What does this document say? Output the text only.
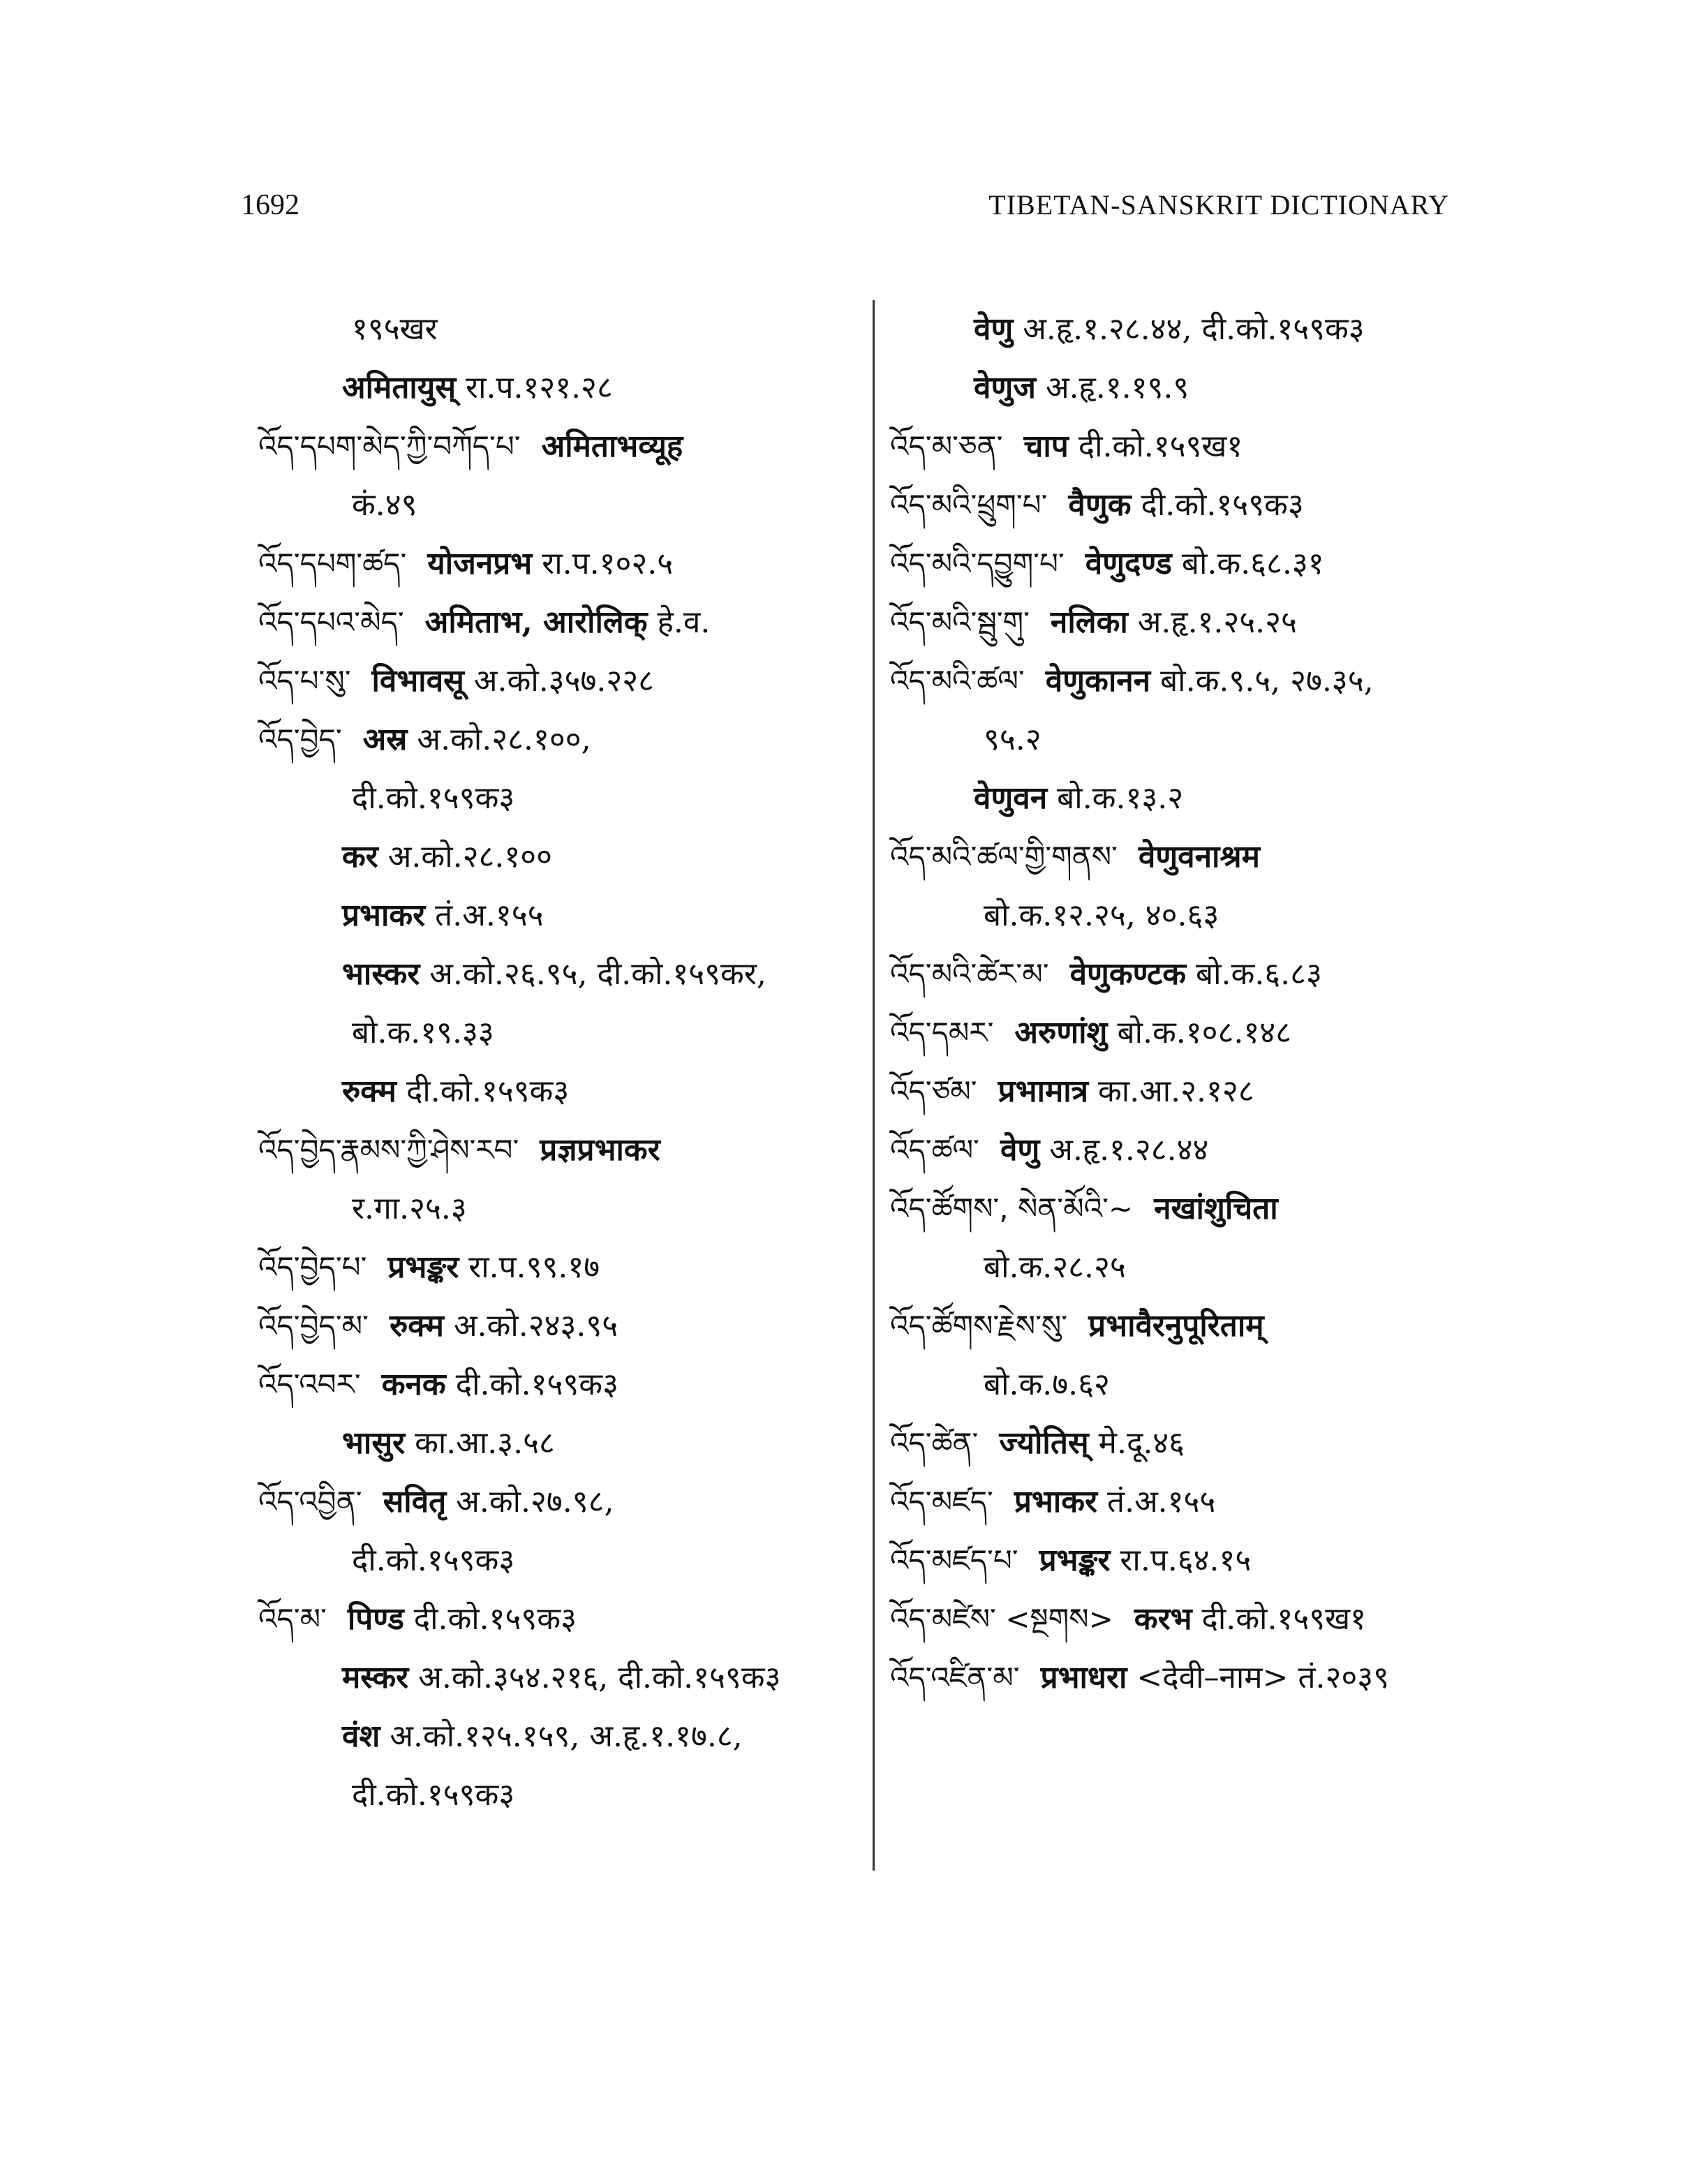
1692	TIBETAN-SANSKRIT DICTIONARY
१९५खर
अमितायुस् रा.प.१२१.२८
འོད་དཔག་མེད་ཀྱི་བཀོད་པ་ अमिताभव्यूह
कं.४९
འོད་དཔག་ཚད་ योजनप्रभ रा.प.१०२.५
འོད་དཔའ་མེད་ अमिताभ, आरोलिक् हे.व.
འོད་པ་སུ་ विभावसू अ.को.३५७.२२८
འོད་བྱེད་ अस्र अ.को.२८.१००,
दी.को.१५९क३
कर अ.को.२८.१००
प्रभाकर तं.अ.१५५
भास्कर अ.को.२६.९५, दी.को.१५९कर,
बो.क.१९.३३
रुक्म दी.को.१५९क३
འོད་བྱེད་རྣམས་ཀྱི་ཤེས་རབ་ प्रज्ञप्रभाकर
र.गा.२५.३
འོད་བྱེད་པ་ प्रभङ्कर रा.प.९९.१७
འོད་བྱེད་མ་ रुक्म अ.को.२४३.९५
འོད་འབར་ कनक दी.को.१५९क३
भासुर का.आ.३.५८
འོད་འབྱིན་ सवितृ अ.को.२७.९८,
दी.को.१५९क३
འོད་མ་ पिण्ड दी.को.१५९क३
मस्कर अ.को.३५४.२१६, दी.को.१५९क३
वंश अ.को.१२५.१५९, अ.हृ.१.१७.८,
दी.को.१५९क३
वेणु अ.हृ.१.२८.४४, दी.को.१५९क३
वेणुज अ.हृ.१.१९.९
འོད་མ་ཅན་ चाप दी.को.१५९ख१
འོད་མའི་ཕྲུག་པ་ वैणुक दी.को.१५९क३
འོད་མའི་དབྱུག་པ་ वेणुदण्ड बो.क.६८.३१
འོད་མའི་སྦུ་གུ་ नलिका अ.हृ.१.२५.२५
འོད་མའི་ཚལ་ वेणुकानन बो.क.९.५, २७.३५,
९५.२
वेणुवन बो.क.१३.२
འོད་མའི་ཚལ་གྱི་གནས་ वेणुवनाश्रम
बो.क.१२.२५, ४०.६३
འོད་མའི་ཚེར་མ་ वेणुकण्टक बो.क.६.८३
འོད་དམར་ अरुणांशु बो.क.१०८.१४८
འོད་ཙམ་ प्रभामात्र का.आ.२.१२८
འོད་ཚལ་ वेणु अ.हृ.१.२८.४४
འོད་ཚོགས་, སེན་མོའི་~ नखांशुचिता
बो.क.२८.२५
འོད་ཚོགས་རྗེས་སུ་ प्रभावैरनुपूरिताम्
बो.क.७.६२
འོད་ཚེན་ ज्योतिस् मे.दू.४६
འོད་མཛད་ प्रभाकर तं.अ.१५५
འོད་མཛད་པ་ प्रभङ्कर रा.प.६४.१५
འོད་མཛེས་ <སྔགས> करभ दी.को.१५९ख१
འོད་འཛིན་མ་ प्रभाधरा <देवी–नाम> तं.२०३९
